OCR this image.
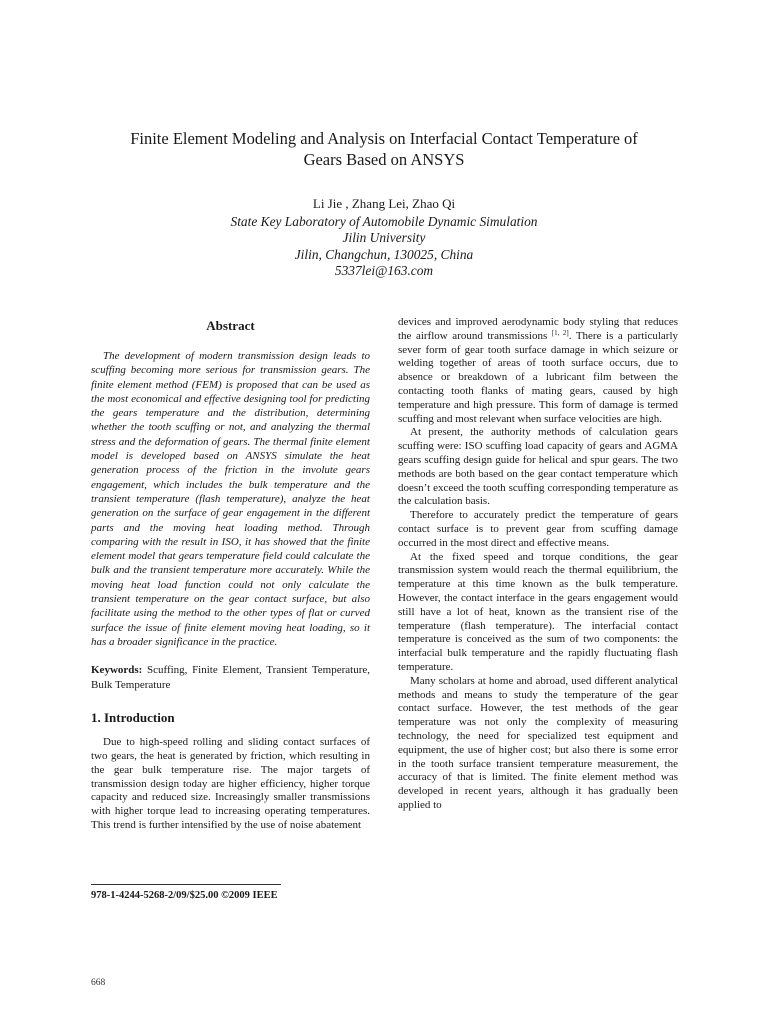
Finite Element Modeling and Analysis on Interfacial Contact Temperature of
Gears Based on ANSYS

Li Jie , Zhang Lei, Zhao Qi

State Key Laboratory of Automobile Dynamic Simulation
Jilin University
Jilin, Changchun, 130025, China
5337lei@163.com
Abstract

The development of modern transmission design leads to scuffing becoming more serious for transmission gears. The finite element method (FEM) is proposed that can be used as the most economical and effective designing tool for predicting the gears temperature and the distribution, determining whether the tooth scuffing or not, and analyzing the thermal stress and the deformation of gears. The thermal finite element model is developed based on ANSYS simulate the heat generation process of the friction in the involute gears engagement, which includes the bulk temperature and the transient temperature (flash temperature), analyze the heat generation on the surface of gear engagement in the different parts and the moving heat loading method. Through comparing with the result in ISO, it has showed that the finite element model that gears temperature field could calculate the bulk and the transient temperature more accurately. While the moving heat load function could not only calculate the transient temperature on the gear contact surface, but also facilitate using the method to the other types of flat or curved surface the issue of finite element moving heat loading, so it has a broader significance in the practice.

Keywords: Scuffing, Finite Element, Transient Temperature, Bulk Temperature

1. Introduction

Due to high-speed rolling and sliding contact surfaces of two gears, the heat is generated by friction, which resulting in the gear bulk temperature rise. The major targets of transmission design today are higher efficiency, higher torque capacity and reduced size. Increasingly smaller transmissions with higher torque lead to increasing operating temperatures. This trend is further intensified by the use of noise abatement

devices and improved aerodynamic body styling that reduces the airflow around transmissions [1, 2]. There is a particularly sever form of gear tooth surface damage in which seizure or welding together of areas of tooth surface occurs, due to absence or breakdown of a lubricant film between the contacting tooth flanks of mating gears, caused by high temperature and high pressure. This form of damage is termed scuffing and most relevant when surface velocities are high.

At present, the authority methods of calculation gears scuffing were: ISO scuffing load capacity of gears and AGMA gears scuffing design guide for helical and spur gears. The two methods are both based on the gear contact temperature which doesn’t exceed the tooth scuffing corresponding temperature as the calculation basis.

Therefore to accurately predict the temperature of gears contact surface is to prevent gear from scuffing damage occurred in the most direct and effective means.

At the fixed speed and torque conditions, the gear transmission system would reach the thermal equilibrium, the temperature at this time known as the bulk temperature. However, the contact interface in the gears engagement would still have a lot of heat, known as the transient rise of the temperature (flash temperature). The interfacial contact temperature is conceived as the sum of two components: the interfacial bulk temperature and the rapidly fluctuating flash temperature.

Many scholars at home and abroad, used different analytical methods and means to study the temperature of the gear contact surface. However, the test methods of the gear temperature was not only the complexity of measuring technology, the need for specialized test equipment and equipment, the use of higher cost; but also there is some error in the tooth surface transient temperature measurement, the accuracy of that is limited. The finite element method was developed in recent years, although it has gradually been applied to

978-1-4244-5268-2/09/$25.00 ©2009 IEEE

668
